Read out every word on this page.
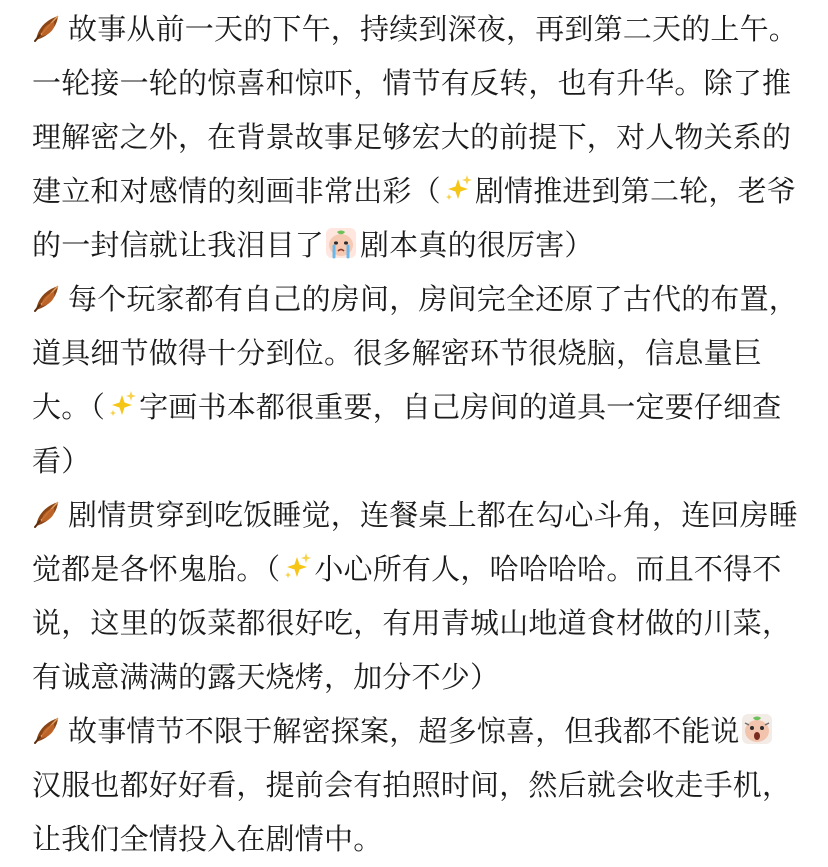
故事从前一天的下午，持续到深夜，再到第二天的上午。一轮接一轮的惊喜和惊吓，情节有反转，也有升华。除了推理解密之外，在背景故事足够宏大的前提下，对人物关系的建立和对感情的刻画非常出彩（ 剧情推进到第二轮，老爷的一封信就让我泪目了 剧本真的很厉害）

每个玩家都有自己的房间，房间完全还原了古代的布置，道具细节做得十分到位。很多解密环节很烧脑，信息量巨大。（ 字画书本都很重要，自己房间的道具一定要仔细查看）

剧情贯穿到吃饭睡觉，连餐桌上都在勾心斗角，连回房睡觉都是各怀鬼胎。（ 小心所有人，哈哈哈哈。而且不得不说，这里的饭菜都很好吃，有用青城山地道食材做的川菜，有诚意满满的露天烧烤，加分不少）

故事情节不限于解密探案，超多惊喜，但我都不能说
汉服也都好好看，提前会有拍照时间，然后就会收走手机，让我们全情投入在剧情中。
